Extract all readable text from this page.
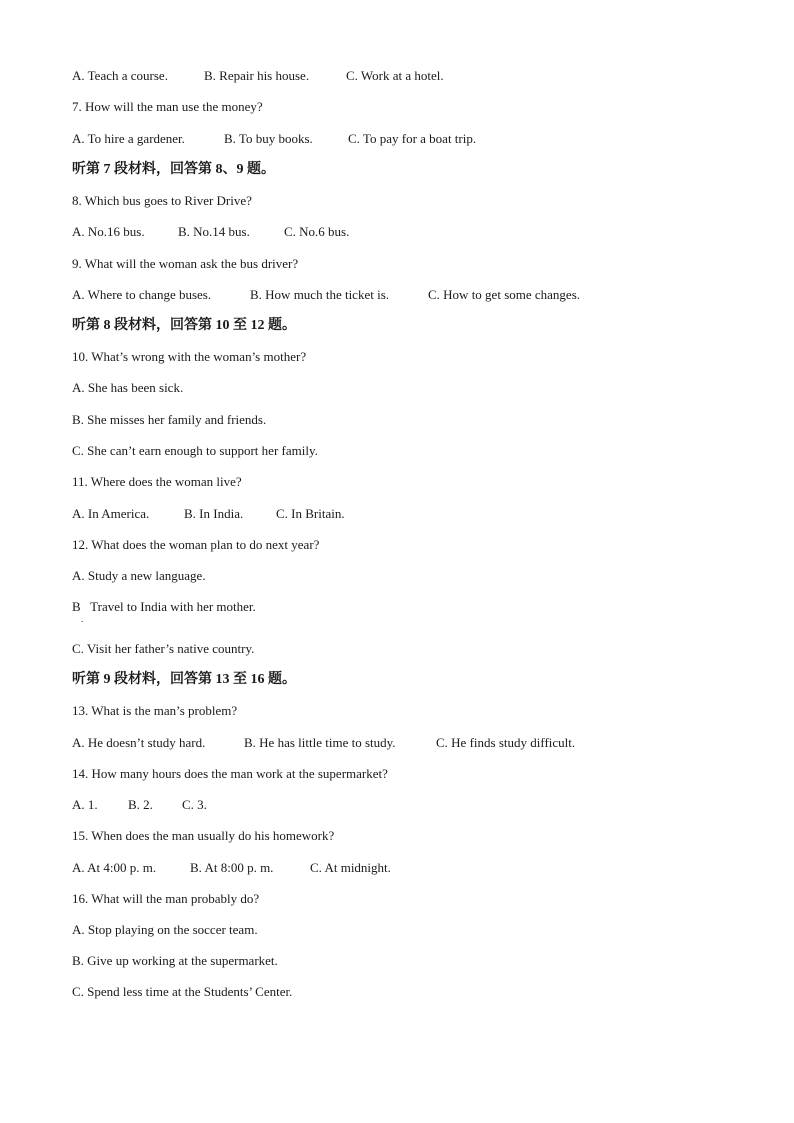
A. Teach a course.	B. Repair his house.	C. Work at a hotel.
7. How will the man use the money?
A. To hire a gardener.	B. To buy books.	C. To pay for a boat trip.
听第 7 段材料，回答第 8、9 题。
8. Which bus goes to River Drive?
A. No.16 bus.	B. No.14 bus.	C. No.6 bus.
9. What will the woman ask the bus driver?
A. Where to change buses.	B. How much the ticket is.	C. How to get some changes.
听第 8 段材料，回答第 10 至 12 题。
10. What’s wrong with the woman’s mother?
A. She has been sick.
B. She misses her family and friends.
C. She can’t earn enough to support her family.
11. Where does the woman live?
A. In America.	B. In India.	C. In Britain.
12. What does the woman plan to do next year?
A. Study a new language.
B   Travel to India with her mother.
.
C. Visit her father’s native country.
听第 9 段材料，回答第 13 至 16 题。
13. What is the man’s problem?
A. He doesn’t study hard.	B. He has little time to study.	C. He finds study difficult.
14. How many hours does the man work at the supermarket?
A. 1. B. 2. C. 3.
15. When does the man usually do his homework?
A. At 4:00 p. m.	B. At 8:00 p. m.	C. At midnight.
16. What will the man probably do?
A. Stop playing on the soccer team.
B. Give up working at the supermarket.
C. Spend less time at the Students’ Center.
